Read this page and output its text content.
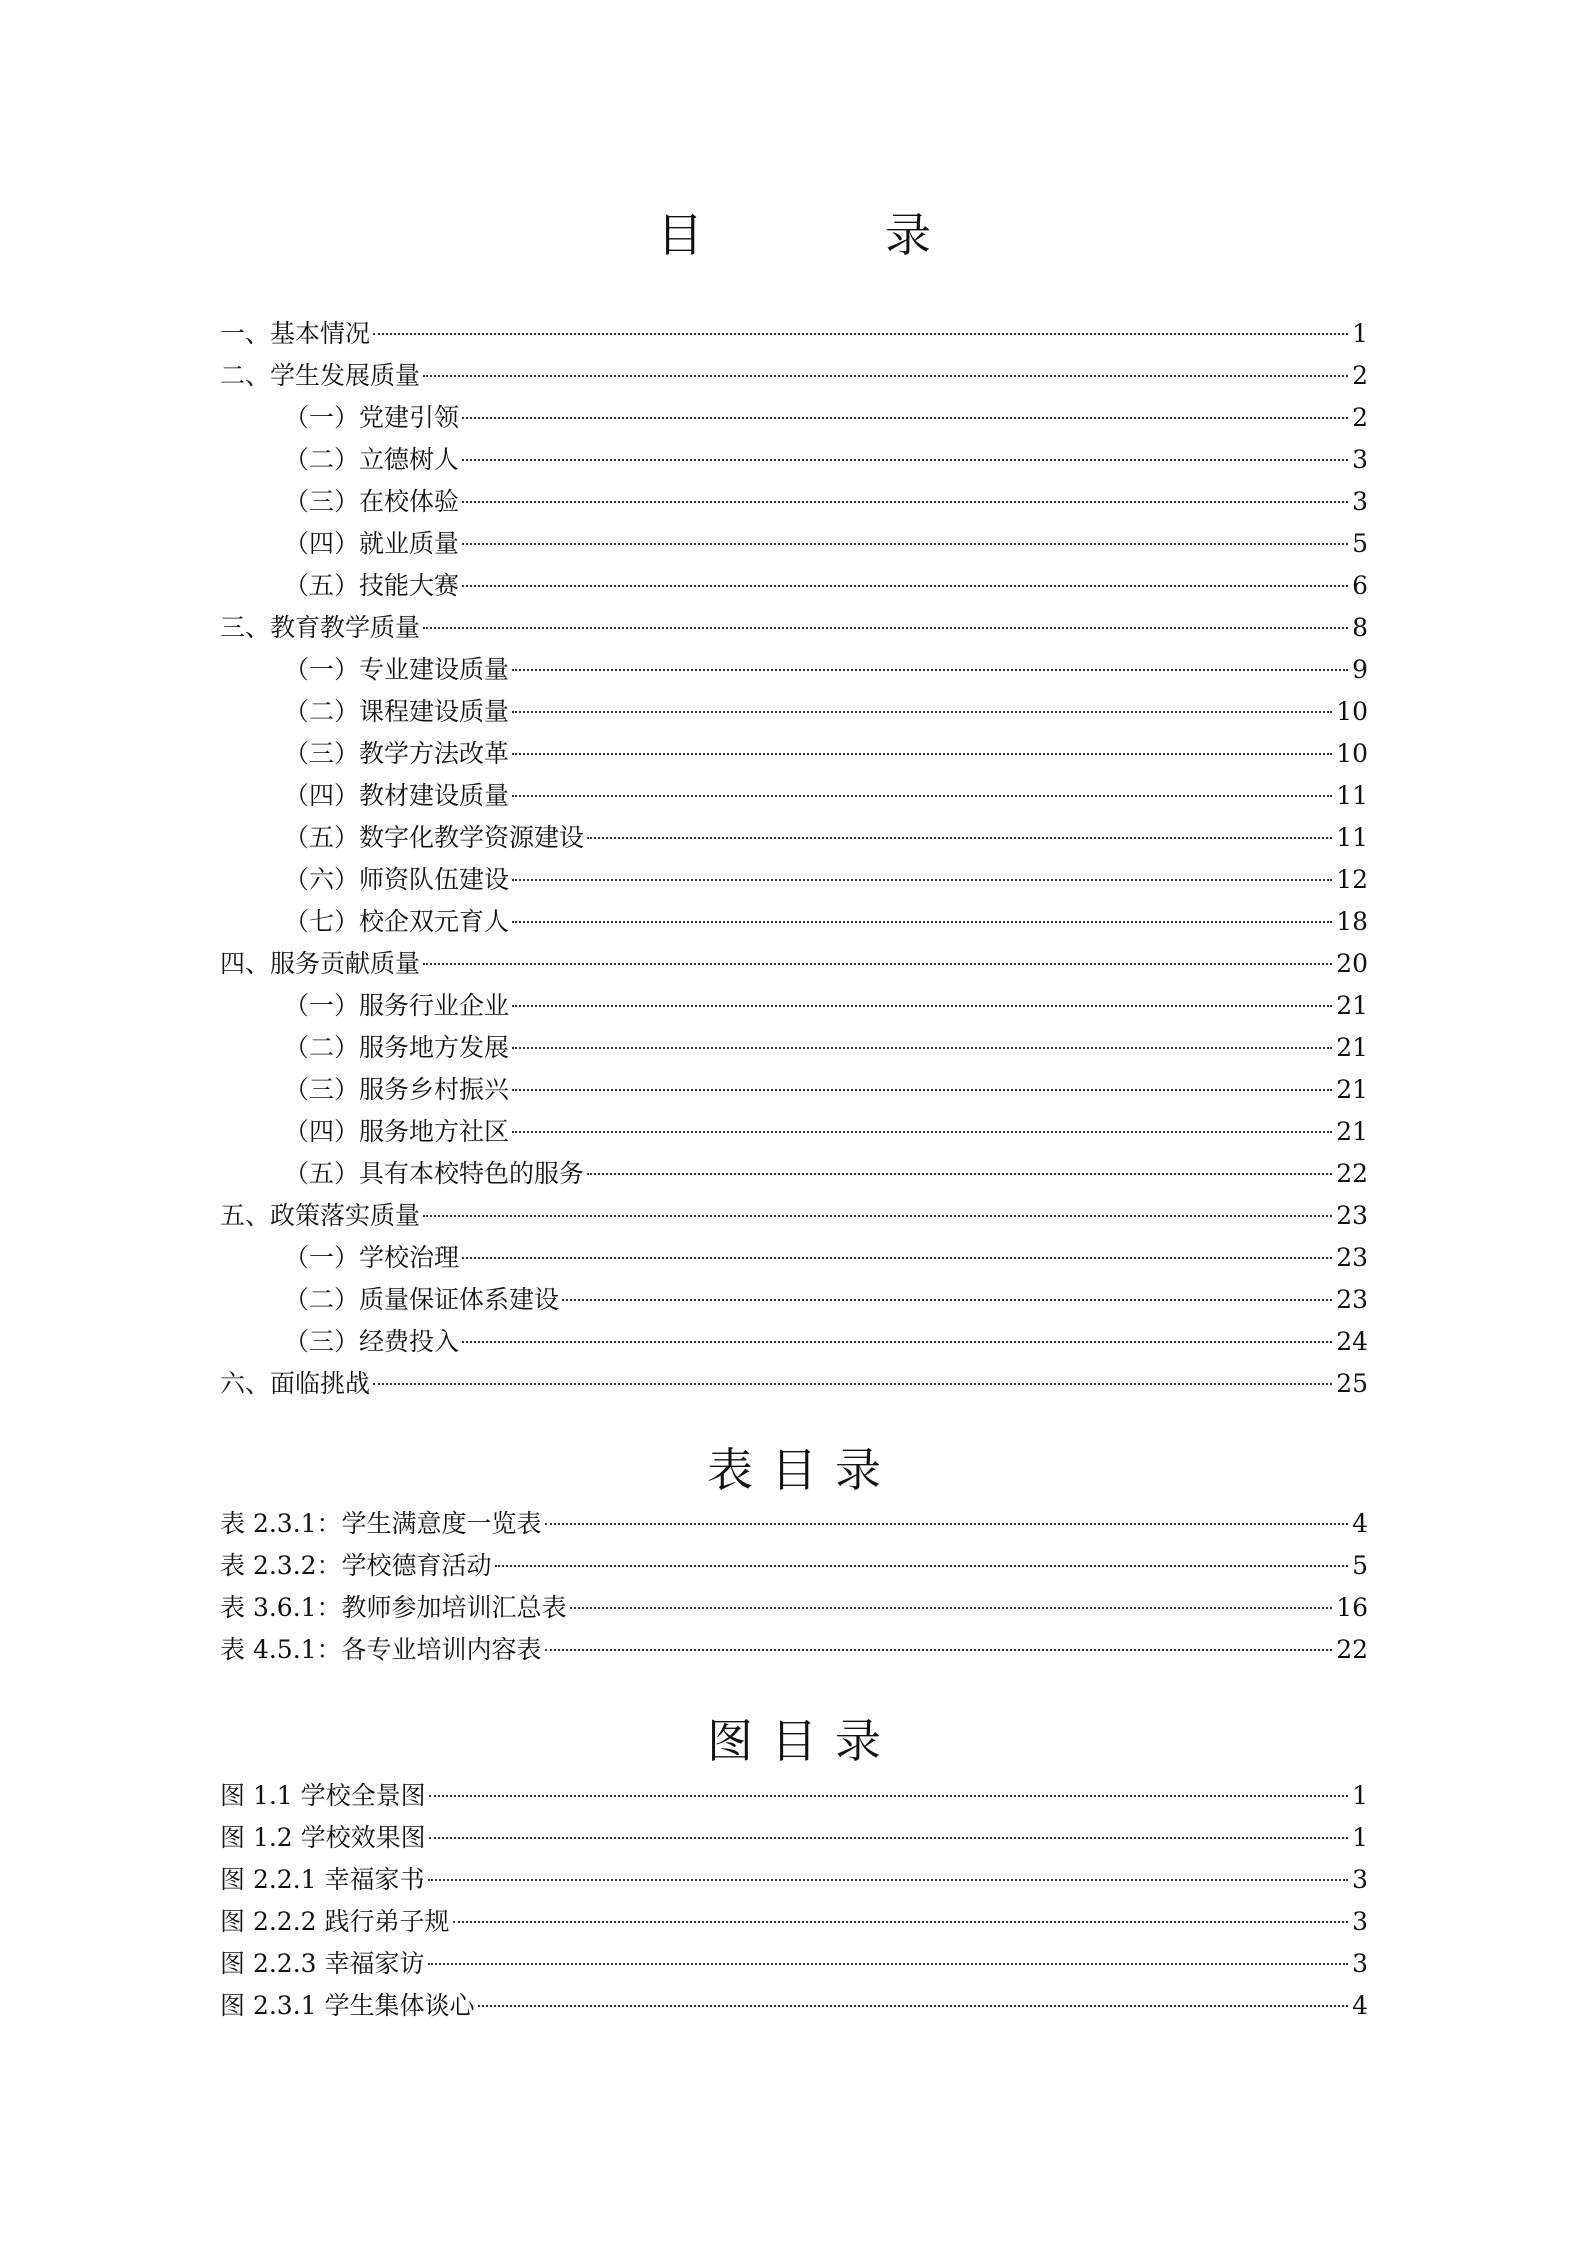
目　录
一、基本情况	1
二、学生发展质量	2
（一）党建引领	2
（二）立德树人	3
（三）在校体验	3
（四）就业质量	5
（五）技能大赛	6
三、教育教学质量	8
（一）专业建设质量	9
（二）课程建设质量	10
（三）教学方法改革	10
（四）教材建设质量	11
（五）数字化教学资源建设	11
（六）师资队伍建设	12
（七）校企双元育人	18
四、服务贡献质量	20
（一）服务行业企业	21
（二）服务地方发展	21
（三）服务乡村振兴	21
（四）服务地方社区	21
（五）具有本校特色的服务	22
五、政策落实质量	23
（一）学校治理	23
（二）质量保证体系建设	23
（三）经费投入	24
六、面临挑战	25
表目录
表 2.3.1：学生满意度一览表	4
表 2.3.2：学校德育活动	5
表 3.6.1：教师参加培训汇总表	16
表 4.5.1：各专业培训内容表	22
图目录
图 1.1 学校全景图	1
图 1.2 学校效果图	1
图 2.2.1 幸福家书	3
图 2.2.2 践行弟子规	3
图 2.2.3 幸福家访	3
图 2.3.1 学生集体谈心	4
